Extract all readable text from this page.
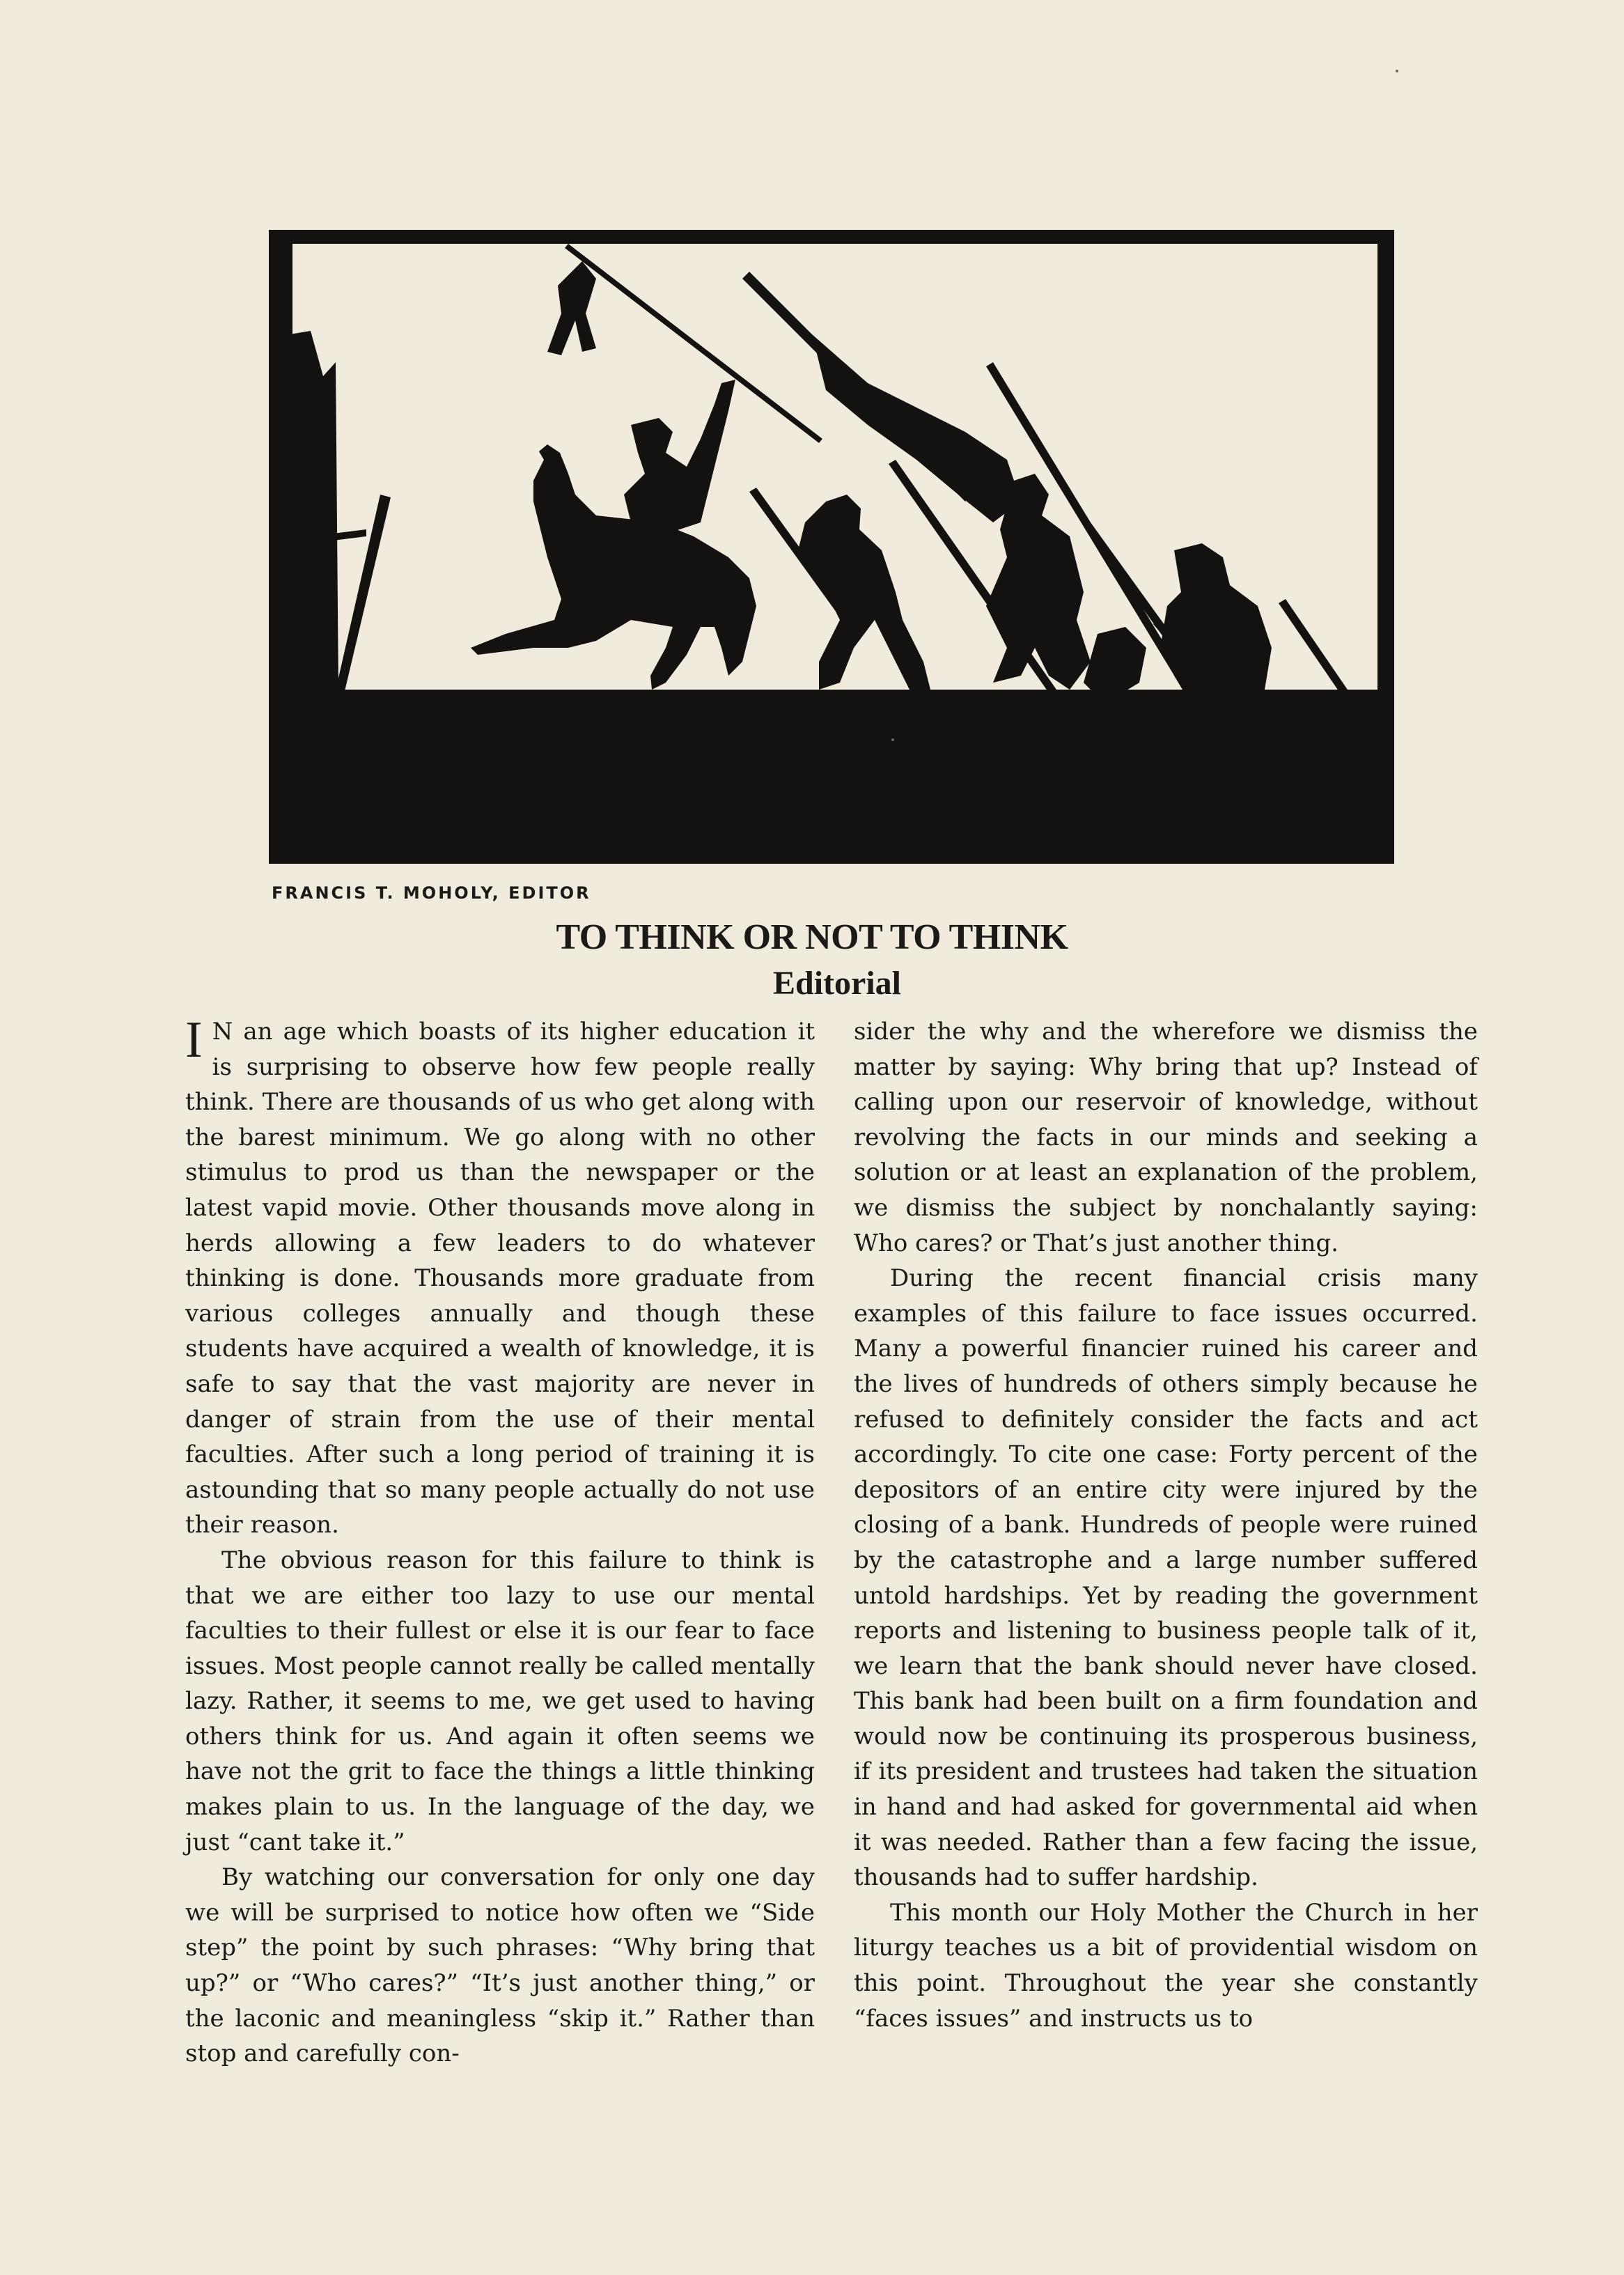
FRANCIS T. MOHOLY, EDITOR
TO THINK OR NOT TO THINK
Editorial

I N an age which boasts of its higher education it is surprising to observe how few people really think. There are thousands of us who get along with the barest minimum. We go along with no other stimulus to prod us than the newspaper or the latest vapid movie. Other thousands move along in herds allowing a few leaders to do whatever thinking is done. Thousands more graduate from various colleges annually and though these students have acquired a wealth of knowledge, it is safe to say that the vast majority are never in danger of strain from the use of their mental faculties. After such a long period of training it is astounding that so many people actually do not use their reason.

The obvious reason for this failure to think is that we are either too lazy to use our mental faculties to their fullest or else it is our fear to face issues. Most people cannot really be called mentally lazy. Rather, it seems to me, we get used to having others think for us. And again it often seems we have not the grit to face the things a little thinking makes plain to us. In the language of the day, we just “cant take it.”

By watching our conversation for only one day we will be surprised to notice how often we “Side step” the point by such phrases: “Why bring that up?” or “Who cares?” “It’s just another thing,” or the laconic and meaningless “skip it.” Rather than stop and carefully con-

sider the why and the wherefore we dismiss the matter by saying: Why bring that up? Instead of calling upon our reservoir of knowledge, without revolving the facts in our minds and seeking a solution or at least an explanation of the problem, we dismiss the subject by nonchalantly saying: Who cares? or That’s just another thing.

During the recent financial crisis many examples of this failure to face issues occurred. Many a powerful financier ruined his career and the lives of hundreds of others simply because he refused to definitely consider the facts and act accordingly. To cite one case: Forty percent of the depositors of an entire city were injured by the closing of a bank. Hundreds of people were ruined by the catastrophe and a large number suffered untold hardships. Yet by reading the government reports and listening to business people talk of it, we learn that the bank should never have closed. This bank had been built on a firm foundation and would now be continuing its prosperous business, if its president and trustees had taken the situation in hand and had asked for governmental aid when it was needed. Rather than a few facing the issue, thousands had to suffer hardship.

This month our Holy Mother the Church in her liturgy teaches us a bit of providential wisdom on this point. Throughout the year she constantly “faces issues” and instructs us to
